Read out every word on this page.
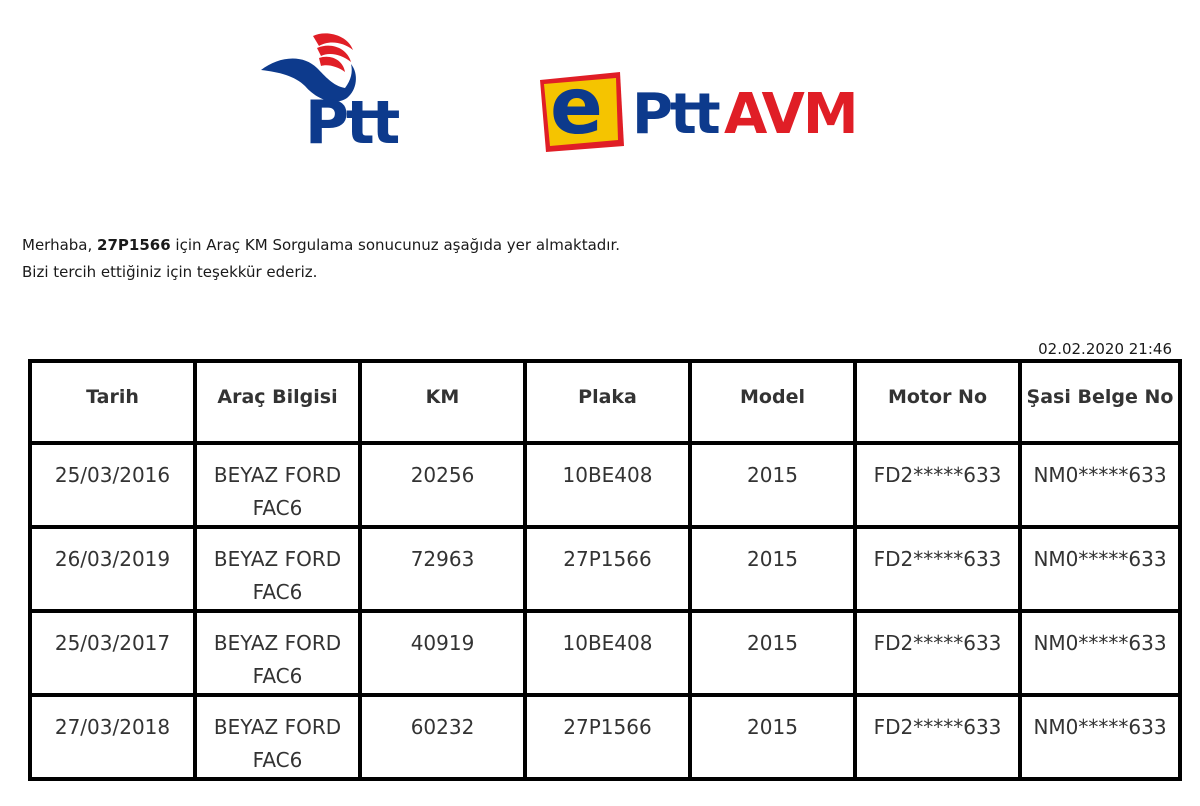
Ptt e Ptt AVM
Merhaba, 27P1566 için Araç KM Sorgulama sonucunuz aşağıda yer almaktadır.
Bizi tercih ettiğiniz için teşekkür ederiz.
02.02.2020 21:46
Tarih	Araç Bilgisi	KM	Plaka	Model	Motor No	Şasi Belge No
25/03/2016	BEYAZ FORD FAC6	20256	10BE408	2015	FD2*****633	NM0*****633
26/03/2019	BEYAZ FORD FAC6	72963	27P1566	2015	FD2*****633	NM0*****633
25/03/2017	BEYAZ FORD FAC6	40919	10BE408	2015	FD2*****633	NM0*****633
27/03/2018	BEYAZ FORD FAC6	60232	27P1566	2015	FD2*****633	NM0*****633
